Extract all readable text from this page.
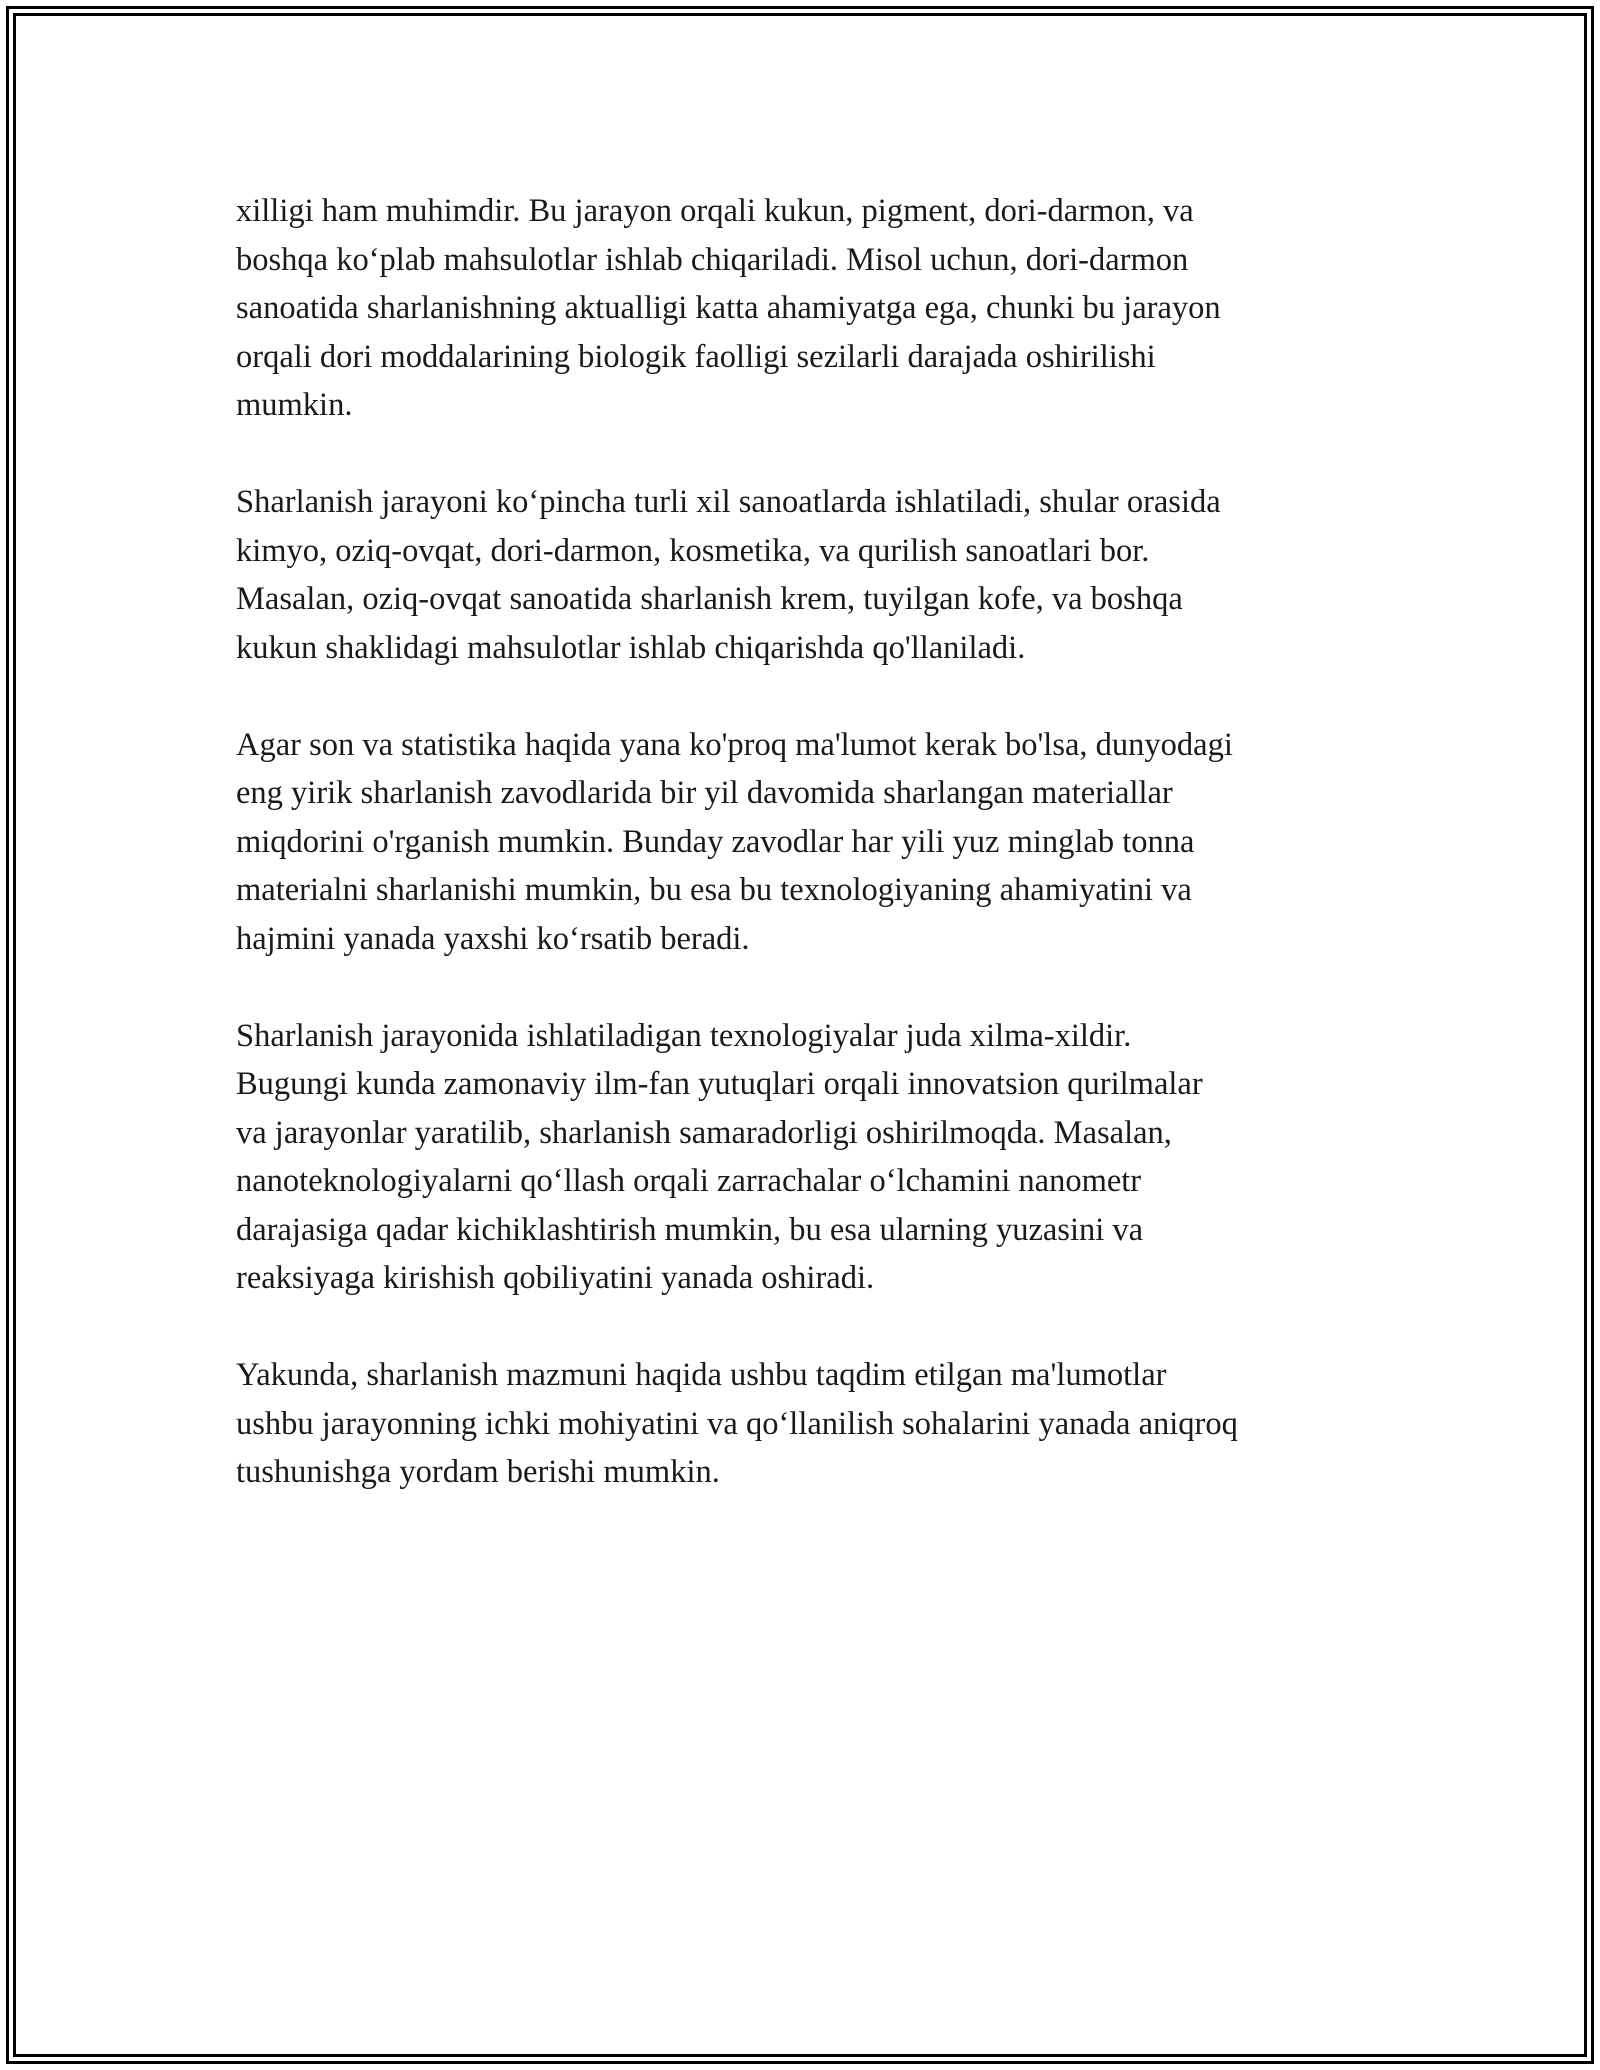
xilligi ham muhimdir. Bu jarayon orqali kukun, pigment, dori-darmon, va
boshqa ko‘plab mahsulotlar ishlab chiqariladi. Misol uchun, dori-darmon
sanoatida sharlanishning aktualligi katta ahamiyatga ega, chunki bu jarayon
orqali dori moddalarining biologik faolligi sezilarli darajada oshirilishi
mumkin.

Sharlanish jarayoni ko‘pincha turli xil sanoatlarda ishlatiladi, shular orasida
kimyo, oziq-ovqat, dori-darmon, kosmetika, va qurilish sanoatlari bor.
Masalan, oziq-ovqat sanoatida sharlanish krem, tuyilgan kofe, va boshqa
kukun shaklidagi mahsulotlar ishlab chiqarishda qo'llaniladi.

Agar son va statistika haqida yana ko'proq ma'lumot kerak bo'lsa, dunyodagi
eng yirik sharlanish zavodlarida bir yil davomida sharlangan materiallar
miqdorini o'rganish mumkin. Bunday zavodlar har yili yuz minglab tonna
materialni sharlanishi mumkin, bu esa bu texnologiyaning ahamiyatini va
hajmini yanada yaxshi ko‘rsatib beradi.

Sharlanish jarayonida ishlatiladigan texnologiyalar juda xilma-xildir.
Bugungi kunda zamonaviy ilm-fan yutuqlari orqali innovatsion qurilmalar
va jarayonlar yaratilib, sharlanish samaradorligi oshirilmoqda. Masalan,
nanoteknologiyalarni qo‘llash orqali zarrachalar o‘lchamini nanometr
darajasiga qadar kichiklashtirish mumkin, bu esa ularning yuzasini va
reaksiyaga kirishish qobiliyatini yanada oshiradi.

Yakunda, sharlanish mazmuni haqida ushbu taqdim etilgan ma'lumotlar
ushbu jarayonning ichki mohiyatini va qo‘llanilish sohalarini yanada aniqroq
tushunishga yordam berishi mumkin.
